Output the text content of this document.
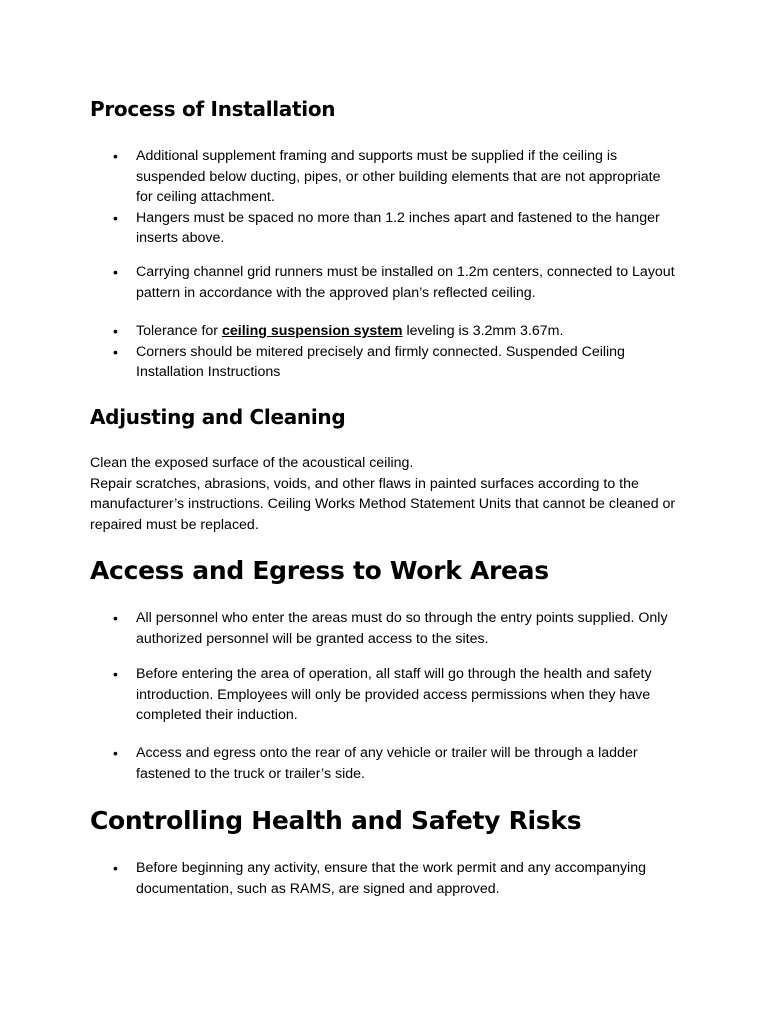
Process of Installation
• Additional supplement framing and supports must be supplied if the ceiling is suspended below ducting, pipes, or other building elements that are not appropriate for ceiling attachment.
• Hangers must be spaced no more than 1.2 inches apart and fastened to the hanger inserts above.
• Carrying channel grid runners must be installed on 1.2m centers, connected to Layout pattern in accordance with the approved plan’s reflected ceiling.
• Tolerance for ceiling suspension system leveling is 3.2mm 3.67m.
• Corners should be mitered precisely and firmly connected. Suspended Ceiling Installation Instructions
Adjusting and Cleaning

Clean the exposed surface of the acoustical ceiling.
Repair scratches, abrasions, voids, and other flaws in painted surfaces according to the manufacturer’s instructions. Ceiling Works Method Statement Units that cannot be cleaned or repaired must be replaced.

Access and Egress to Work Areas
• All personnel who enter the areas must do so through the entry points supplied. Only authorized personnel will be granted access to the sites.
• Before entering the area of operation, all staff will go through the health and safety introduction. Employees will only be provided access permissions when they have completed their induction.
• Access and egress onto the rear of any vehicle or trailer will be through a ladder fastened to the truck or trailer’s side.
Controlling Health and Safety Risks
• Before beginning any activity, ensure that the work permit and any accompanying documentation, such as RAMS, are signed and approved.
